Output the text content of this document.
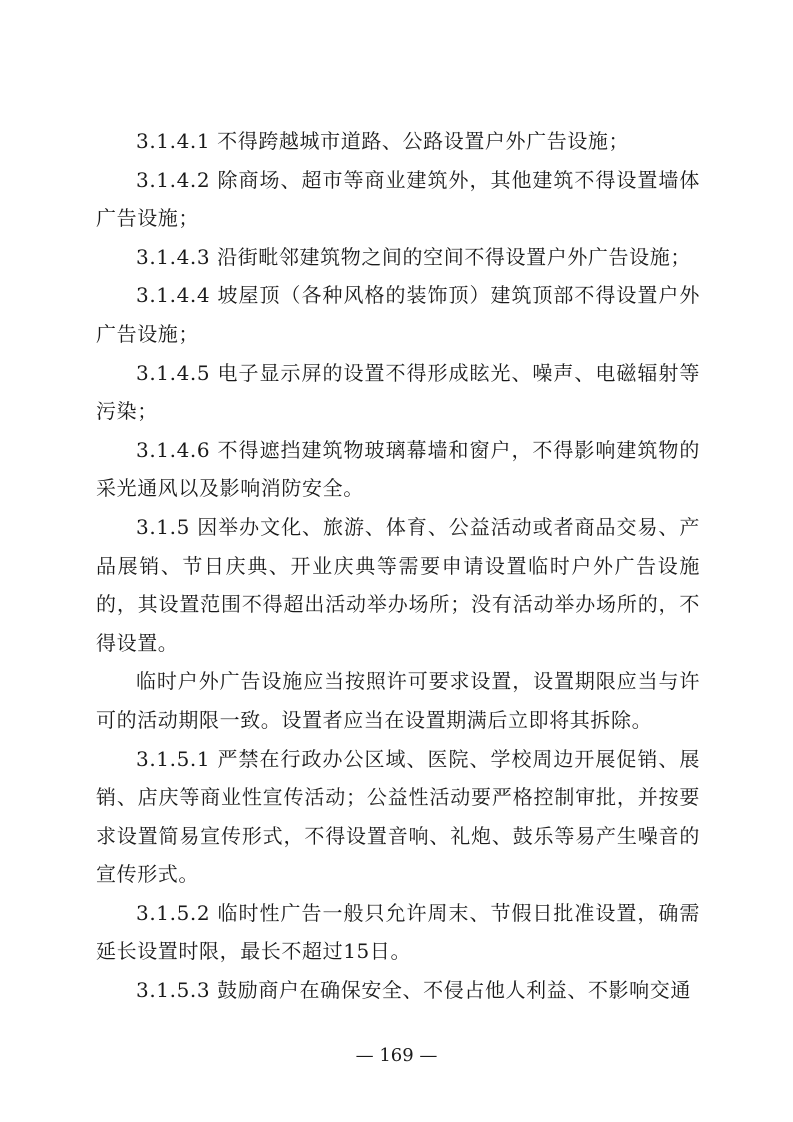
3.1.4.1 不得跨越城市道路、公路设置户外广告设施；

3.1.4.2 除商场、超市等商业建筑外，其他建筑不得设置墙体广告设施；

3.1.4.3 沿街毗邻建筑物之间的空间不得设置户外广告设施；

3.1.4.4 坡屋顶（各种风格的装饰顶）建筑顶部不得设置户外广告设施；

3.1.4.5 电子显示屏的设置不得形成眩光、噪声、电磁辐射等污染；

3.1.4.6 不得遮挡建筑物玻璃幕墙和窗户，不得影响建筑物的采光通风以及影响消防安全。

3.1.5 因举办文化、旅游、体育、公益活动或者商品交易、产品展销、节日庆典、开业庆典等需要申请设置临时户外广告设施的，其设置范围不得超出活动举办场所；没有活动举办场所的，不得设置。

临时户外广告设施应当按照许可要求设置，设置期限应当与许可的活动期限一致。设置者应当在设置期满后立即将其拆除。

3.1.5.1 严禁在行政办公区域、医院、学校周边开展促销、展销、店庆等商业性宣传活动；公益性活动要严格控制审批，并按要求设置简易宣传形式，不得设置音响、礼炮、鼓乐等易产生噪音的宣传形式。

3.1.5.2 临时性广告一般只允许周末、节假日批准设置，确需延长设置时限，最长不超过15日。

3.1.5.3 鼓励商户在确保安全、不侵占他人利益、不影响交通

— 169 —
